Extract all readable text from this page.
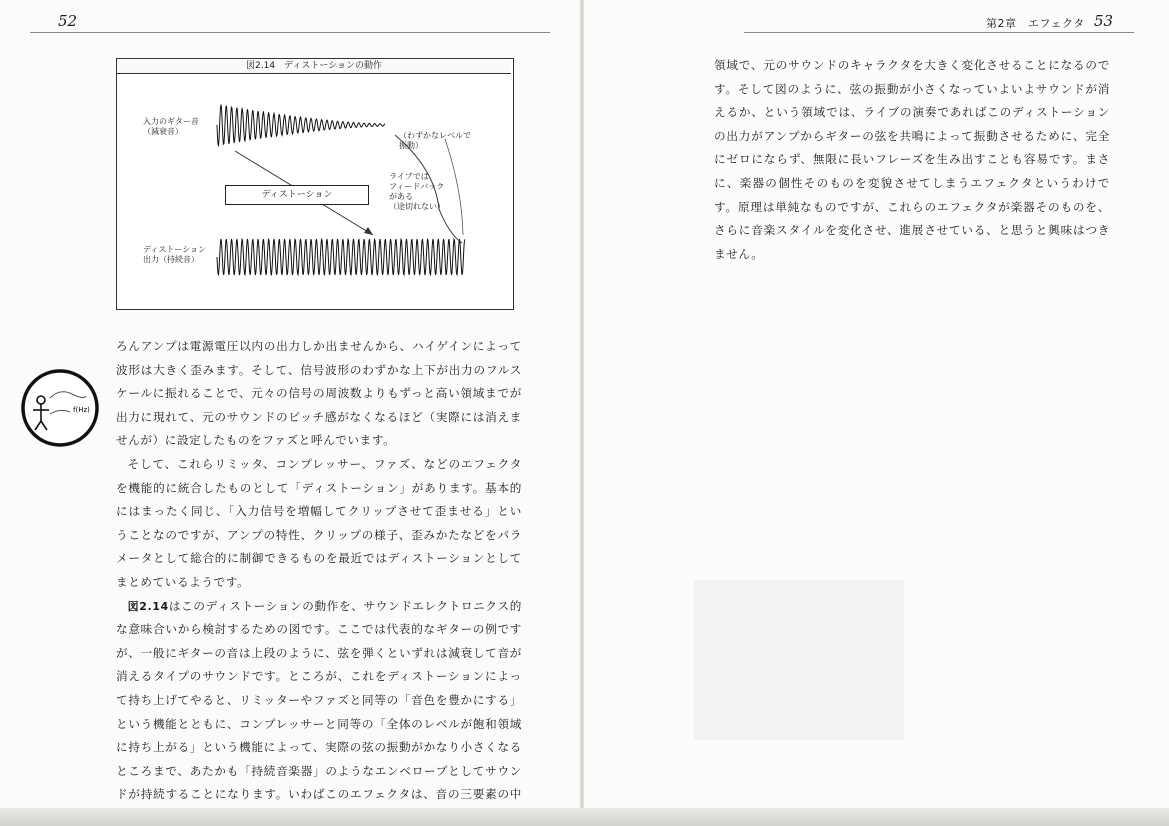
52
図2.14　ディストーションの動作
入力のギター音
（減衰音）	（わずかなレベルで
振動）
ライブでは
フィードバック
がある
（途切れない）
ディストーション
ディストーション
出力（持続音）
f(Hz)

ろんアンプは電源電圧以内の出力しか出ませんから、ハイゲインによって波形は大きく歪みます。そして、信号波形のわずかな上下が出力のフルスケールに振れることで、元々の信号の周波数よりもずっと高い領域までが出力に現れて、元のサウンドのピッチ感がなくなるほど（実際には消えませんが）に設定したものをファズと呼んでいます。

そして、これらリミッタ、コンプレッサー、ファズ、などのエフェクタを機能的に統合したものとして「ディストーション」があります。基本的にはまったく同じ、「入力信号を増幅してクリップさせて歪ませる」ということなのですが、アンプの特性、クリップの様子、歪みかたなどをパラメータとして総合的に制御できるものを最近ではディストーションとしてまとめているようです。

図2.14はこのディストーションの動作を、サウンドエレクトロニクス的な意味合いから検討するための図です。ここでは代表的なギターの例ですが、一般にギターの音は上段のように、弦を弾くといずれは減衰して音が消えるタイプのサウンドです。ところが、これをディストーションによって持ち上げてやると、リミッターやファズと同等の「音色を豊かにする」という機能とともに、コンプレッサーと同等の「全体のレベルが飽和領域に持ち上がる」という機能によって、実際の弦の振動がかなり小さくなるところまで、あたかも「持続音楽器」のようなエンベロープとしてサウンドが持続することになります。いわばこのエフェクタは、音の三要素の中

第2章　エフェクタ 53

領域で、元のサウンドのキャラクタを大きく変化させることになるのです。そして図のように、弦の振動が小さくなっていよいよサウンドが消えるか、という領域では、ライブの演奏であればこのディストーションの出力がアンプからギターの弦を共鳴によって振動させるために、完全にゼロにならず、無限に長いフレーズを生み出すことも容易です。まさに、楽器の個性そのものを変貌させてしまうエフェクタというわけです。原理は単純なものですが、これらのエフェクタが楽器そのものを、さらに音楽スタイルを変化させ、進展させている、と思うと興味はつきません。
